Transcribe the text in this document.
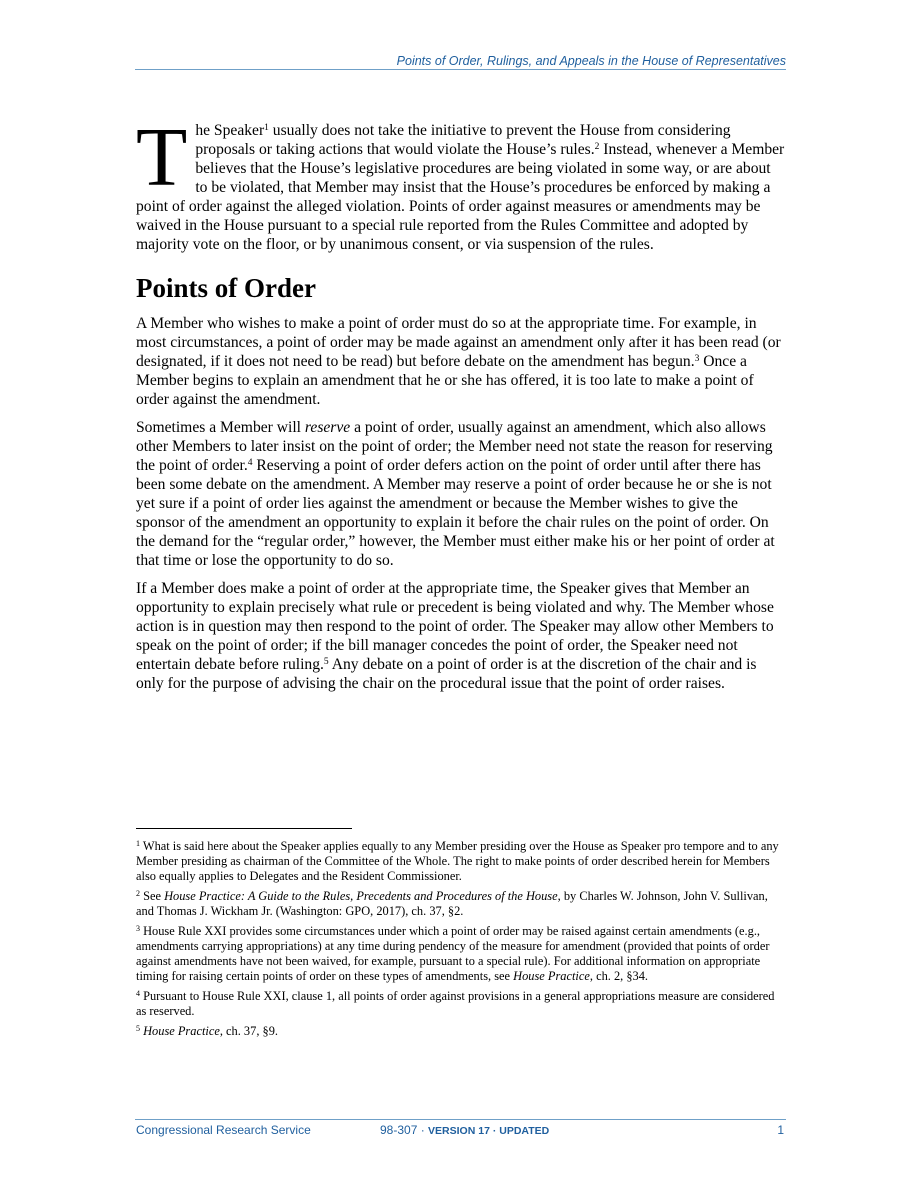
Points of Order, Rulings, and Appeals in the House of Representatives

The Speaker$^1$ usually does not take the initiative to prevent the House from considering proposals or taking actions that would violate the House’s rules.$^2$ Instead, whenever a Member believes that the House’s legislative procedures are being violated in some way, or are about to be violated, that Member may insist that the House’s procedures be enforced by making a point of order against the alleged violation. Points of order against measures or amendments may be waived in the House pursuant to a special rule reported from the Rules Committee and adopted by majority vote on the floor, or by unanimous consent, or via suspension of the rules.

Points of Order

A Member who wishes to make a point of order must do so at the appropriate time. For example, in most circumstances, a point of order may be made against an amendment only after it has been read (or designated, if it does not need to be read) but before debate on the amendment has begun.$^3$ Once a Member begins to explain an amendment that he or she has offered, it is too late to make a point of order against the amendment.

Sometimes a Member will reserve a point of order, usually against an amendment, which also allows other Members to later insist on the point of order; the Member need not state the reason for reserving the point of order.$^4$ Reserving a point of order defers action on the point of order until after there has been some debate on the amendment. A Member may reserve a point of order because he or she is not yet sure if a point of order lies against the amendment or because the Member wishes to give the sponsor of the amendment an opportunity to explain it before the chair rules on the point of order. On the demand for the “regular order,” however, the Member must either make his or her point of order at that time or lose the opportunity to do so.

If a Member does make a point of order at the appropriate time, the Speaker gives that Member an opportunity to explain precisely what rule or precedent is being violated and why. The Member whose action is in question may then respond to the point of order. The Speaker may allow other Members to speak on the point of order; if the bill manager concedes the point of order, the Speaker need not entertain debate before ruling.$^5$ Any debate on a point of order is at the discretion of the chair and is only for the purpose of advising the chair on the procedural issue that the point of order raises.

$^1$ What is said here about the Speaker applies equally to any Member presiding over the House as Speaker pro tempore and to any Member presiding as chairman of the Committee of the Whole. The right to make points of order described herein for Members also equally applies to Delegates and the Resident Commissioner.

$^2$ See House Practice: A Guide to the Rules, Precedents and Procedures of the House, by Charles W. Johnson, John V. Sullivan, and Thomas J. Wickham Jr. (Washington: GPO, 2017), ch. 37, §2.

$^3$ House Rule XXI provides some circumstances under which a point of order may be raised against certain amendments (e.g., amendments carrying appropriations) at any time during pendency of the measure for amendment (provided that points of order against amendments have not been waived, for example, pursuant to a special rule). For additional information on appropriate timing for raising certain points of order on these types of amendments, see House Practice, ch. 2, §34.

$^4$ Pursuant to House Rule XXI, clause 1, all points of order against provisions in a general appropriations measure are considered as reserved.

$^5$ House Practice, ch. 37, §9.

Congressional Research Service	98-307 · VERSION 17 · UPDATED	1
